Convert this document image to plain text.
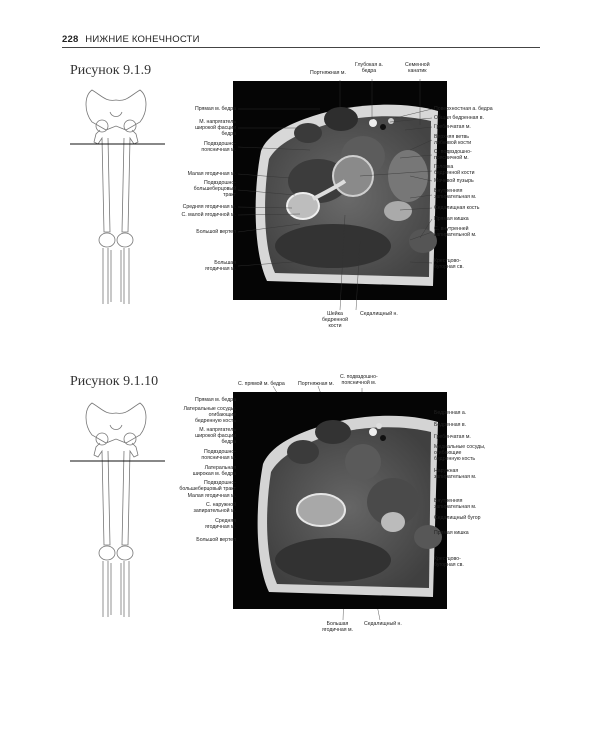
228 НИЖНИЕ КОНЕЧНОСТИ
Рисунок 9.1.9	Портняжная м.
Глубокая а.
бедра
Семенной
канатик
Прямая м. бедра
М. напрягатель
широкой фасции
бедра
Подвздошно-
поясничная м.
Малая ягодичная м.
Подвздошно-
большеберцовый
тракт
Средняя ягодичная м.
С. малой ягодичной м.
Большой вертел
Большая
ягодичная м.
Поверхностная а. бедра
Общая бедренная в.
Гребенчатая м.
Верхняя ветвь
лобковой кости
С. подвздошно-
поясничной м.
Головка
бедренной кости
Мочевой пузырь
Внутренняя
запирательная м.
Седалищная кость
Прямая кишка
С. внутренней
запирательной м.
Крестцово-
бугорная св.
Шейка
бедренной
кости
Седалищный н.
Рисунок 9.1.10	С. прямой м. бедра	Портняжная м.
С. подвздошно-
поясничной м.
Прямая м. бедра
Латеральные сосуды,
огибающие
бедренную кость
М. напрягатель
широкой фасции
бедра
Подвздошно-
поясничная м.
Латеральная
широкая м. бедра
Подвздошно-
большеберцовый тракт
Малая ягодичная м.
С. наружной
запирательной м.
Средняя
ягодичная м.
Большой вертел
Бедренная а.
Бедренная в.
Гребенчатая м.
Медиальные сосуды,
огибающие
бедренную кость
Наружная
запирательная м.
Внутренняя
запирательная м.
Седалищный бугор
Прямая кишка
Крестцово-
бугорная св.
Большая
ягодичная м.
Седалищный н.
